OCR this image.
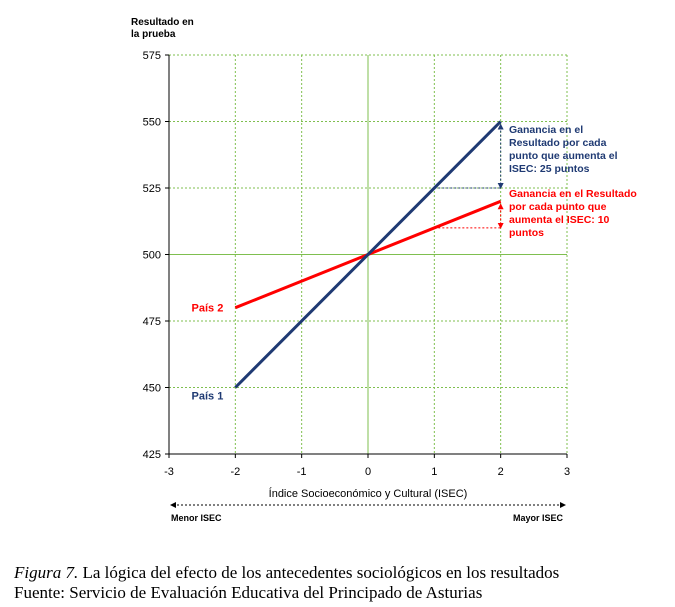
425
450
475
500
525
550
575
-3	-2	-1	0	1	2	3
Resultado en
la prueba
Índice Socioeconómico y Cultural (ISEC)
País 2
País 1
Ganancia en el
Resultado por cada
punto que aumenta el
ISEC: 25 puntos
Ganancia en el Resultado
por cada punto que
aumenta el ISEC: 10
puntos
Menor ISEC	Mayor ISEC
Figura 7. La lógica del efecto de los antecedentes sociológicos en los resultados
Fuente: Servicio de Evaluación Educativa del Principado de Asturias
